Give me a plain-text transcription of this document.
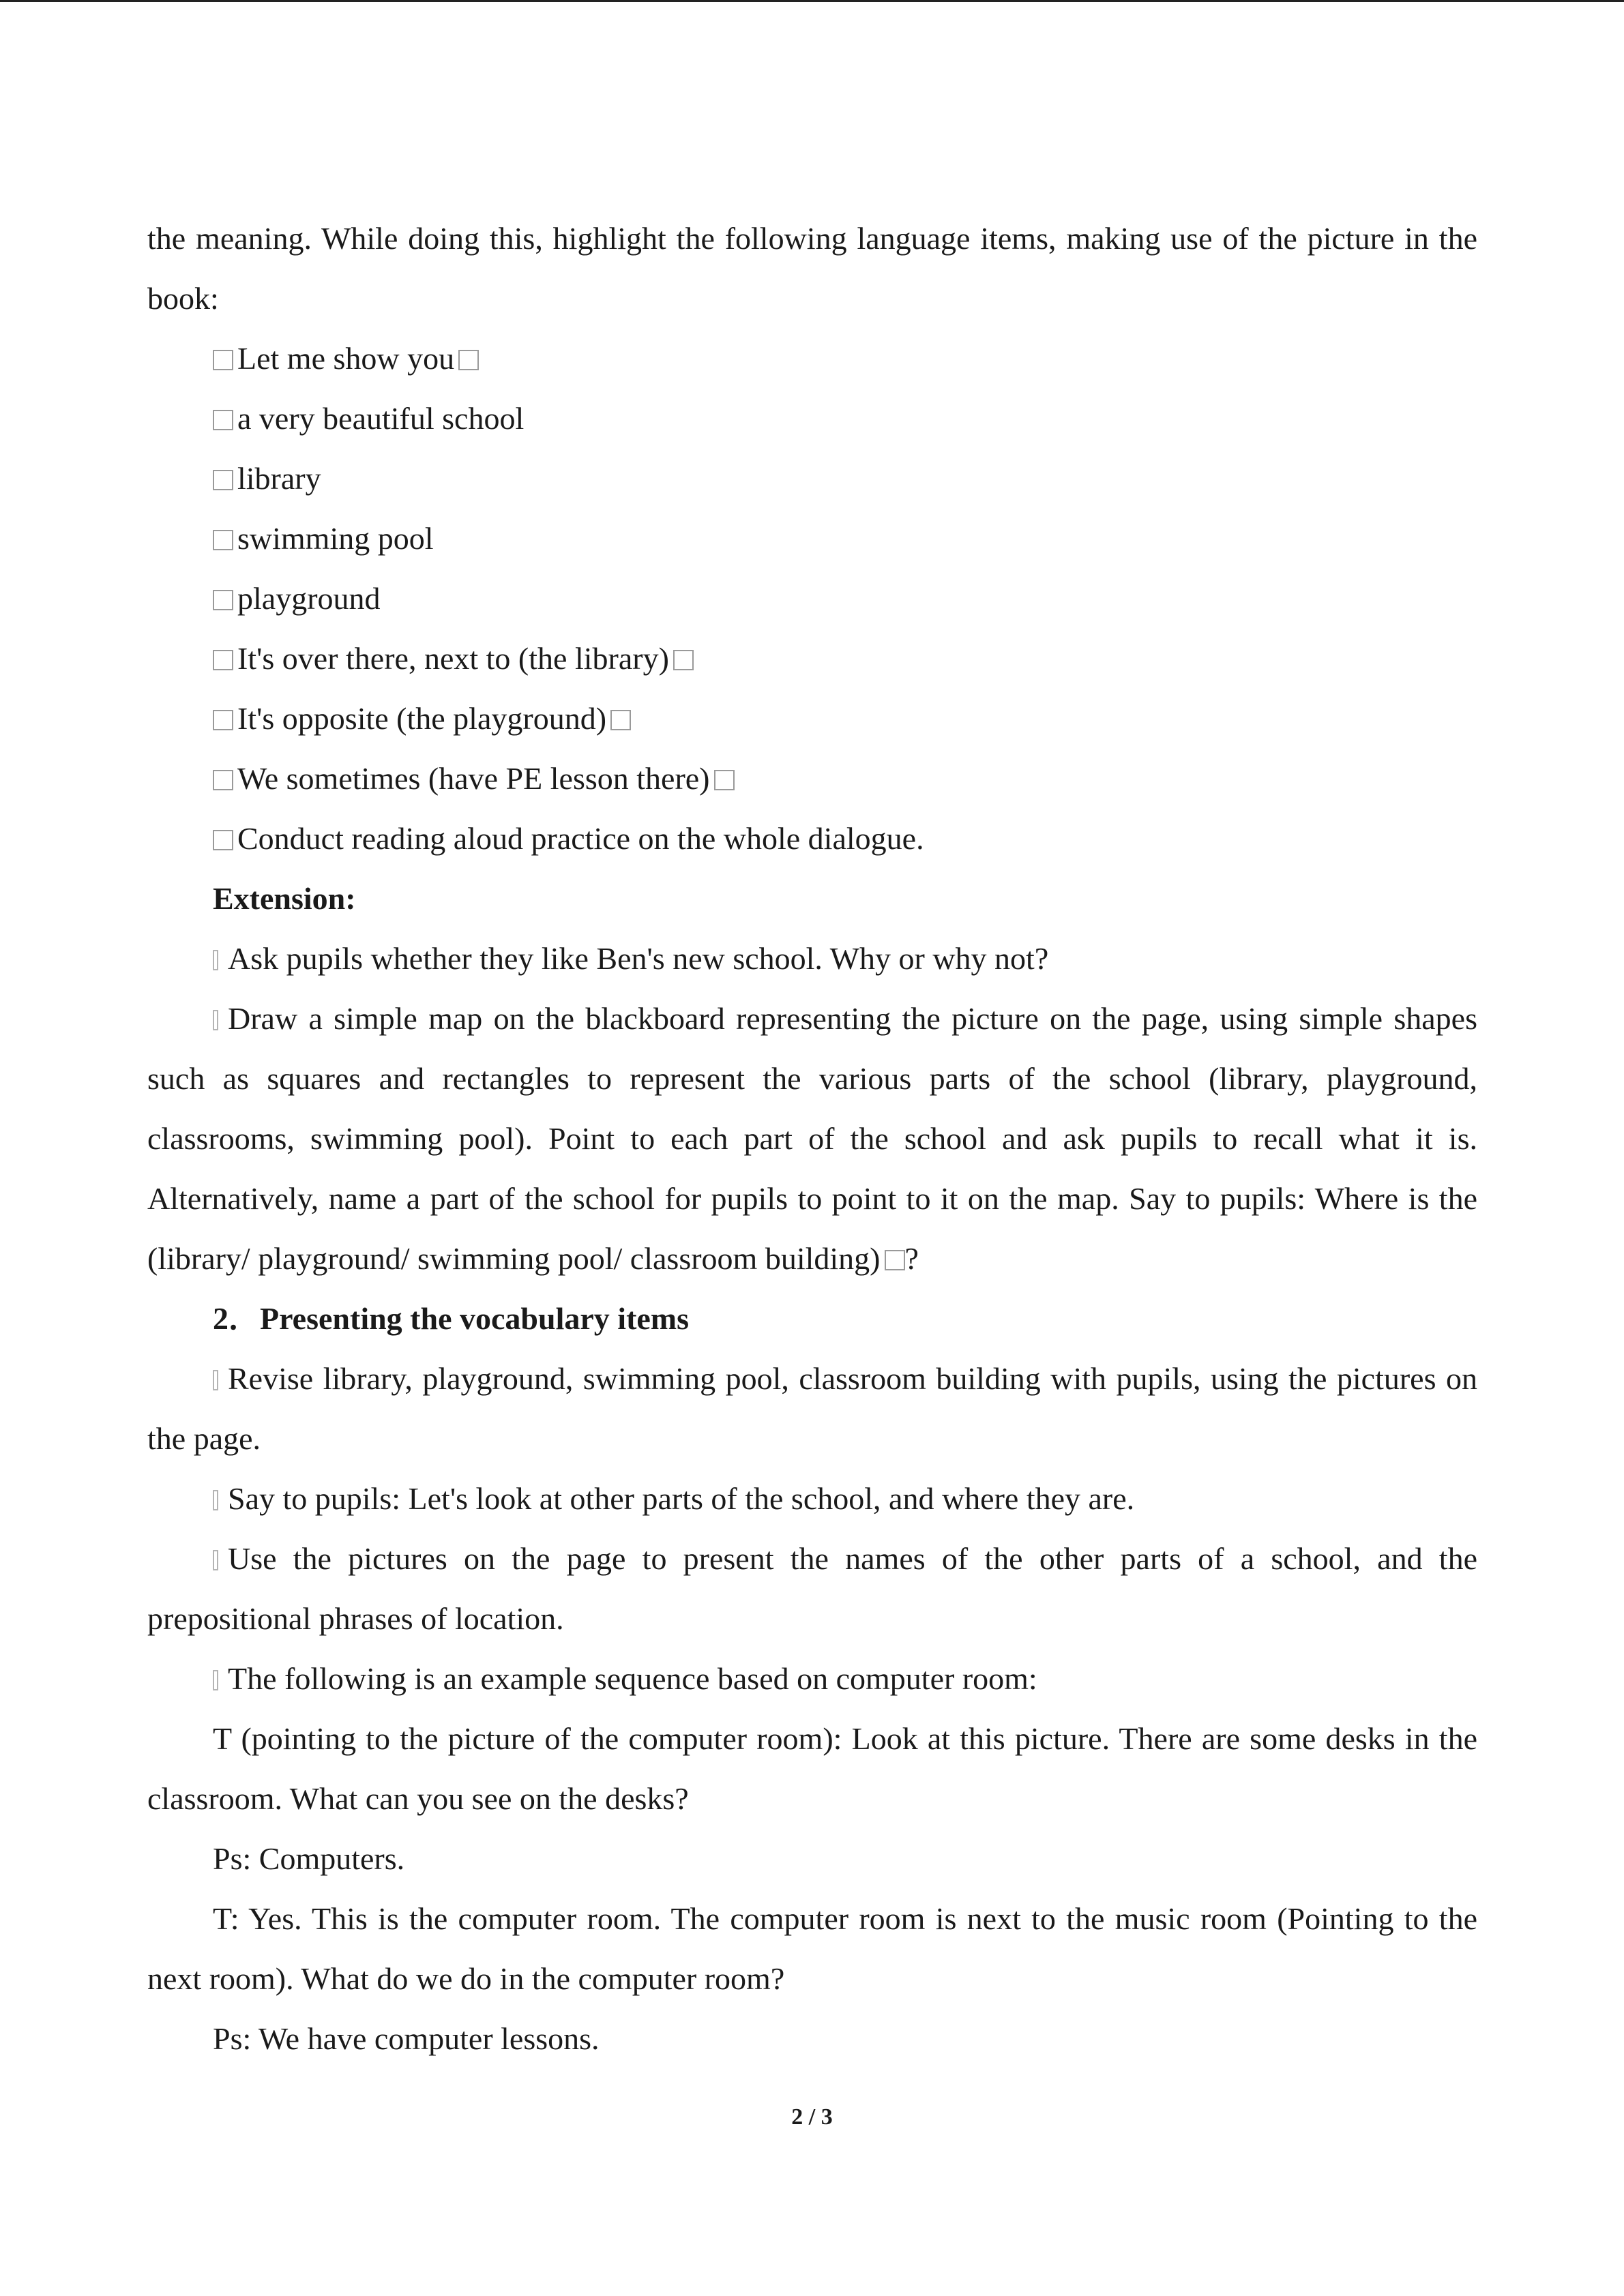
the meaning. While doing this, highlight the following language items, making use of the picture in the book:

Let me show you

a very beautiful school

library

swimming pool

playground

It's over there, next to (the library)

It's opposite (the playground)

We sometimes (have PE lesson there)

Conduct reading aloud practice on the whole dialogue.

Extension:

Ask pupils whether they like Ben's new school. Why or why not?

Draw a simple map on the blackboard representing the picture on the page, using simple shapes such as squares and rectangles to represent the various parts of the school (library, playground, classrooms, swimming pool). Point to each part of the school and ask pupils to recall what it is. Alternatively, name a part of the school for pupils to point to it on the map. Say to pupils: Where is the (library/ playground/ swimming pool/ classroom building) ?

2．Presenting the vocabulary items

Revise library, playground, swimming pool, classroom building with pupils, using the pictures on the page.

Say to pupils: Let's look at other parts of the school, and where they are.

Use the pictures on the page to present the names of the other parts of a school, and the prepositional phrases of location.

The following is an example sequence based on computer room:

T (pointing to the picture of the computer room): Look at this picture. There are some desks in the classroom. What can you see on the desks?

Ps: Computers.

T: Yes. This is the computer room. The computer room is next to the music room (Pointing to the next room). What do we do in the computer room?

Ps: We have computer lessons.

2 / 3
